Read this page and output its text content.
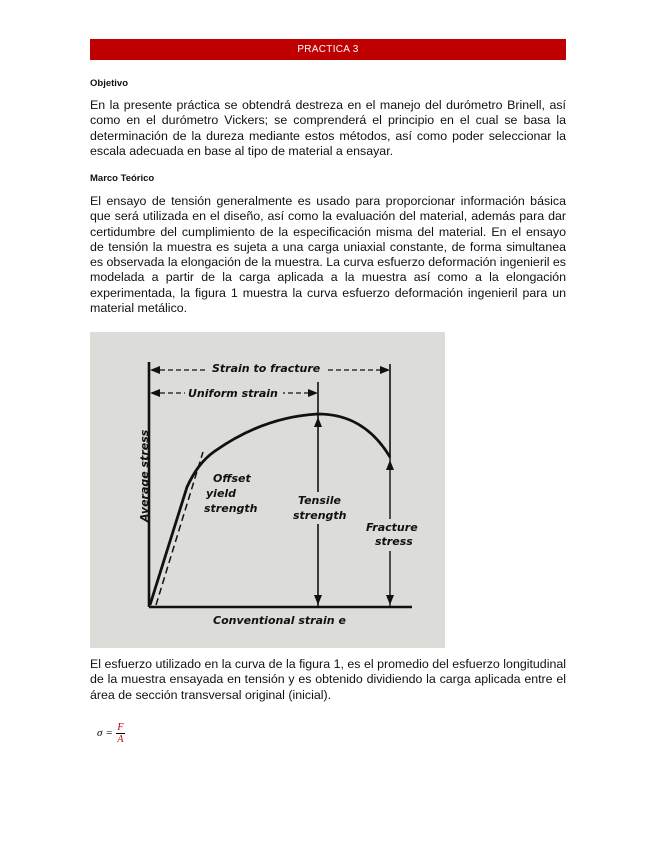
PRACTICA 3
Objetivo

En la presente práctica se obtendrá destreza en el manejo del durómetro Brinell, así como en el durómetro Vickers; se comprenderá el principio en el cual se basa la determinación de la dureza mediante estos métodos, así como poder seleccionar la escala adecuada en base al tipo de material a ensayar.

Marco Teórico

El ensayo de tensión generalmente es usado para proporcionar información básica que será utilizada en el diseño, así como la evaluación del material, además para dar certidumbre del cumplimiento de la especificación misma del material. En el ensayo de tensión la muestra es sujeta a una carga uniaxial constante, de forma simultanea es observada la elongación de la muestra. La curva esfuerzo deformación ingenieril es modelada a partir de la carga aplicada a la muestra así como a la elongación experimentada, la figura 1 muestra la curva esfuerzo deformación ingenieril para un material metálico.

Strain to fracture
Uniform strain
Average stress	Offset
yield
strength
Tensile
strength
Fracture
stress
Conventional strain e

El esfuerzo utilizado en la curva de la figura 1, es el promedio del esfuerzo longitudinal de la muestra ensayada en tensión y es obtenido dividiendo la carga aplicada entre el área de sección transversal original (inicial).

$\sigma = \frac{F}{A}$
